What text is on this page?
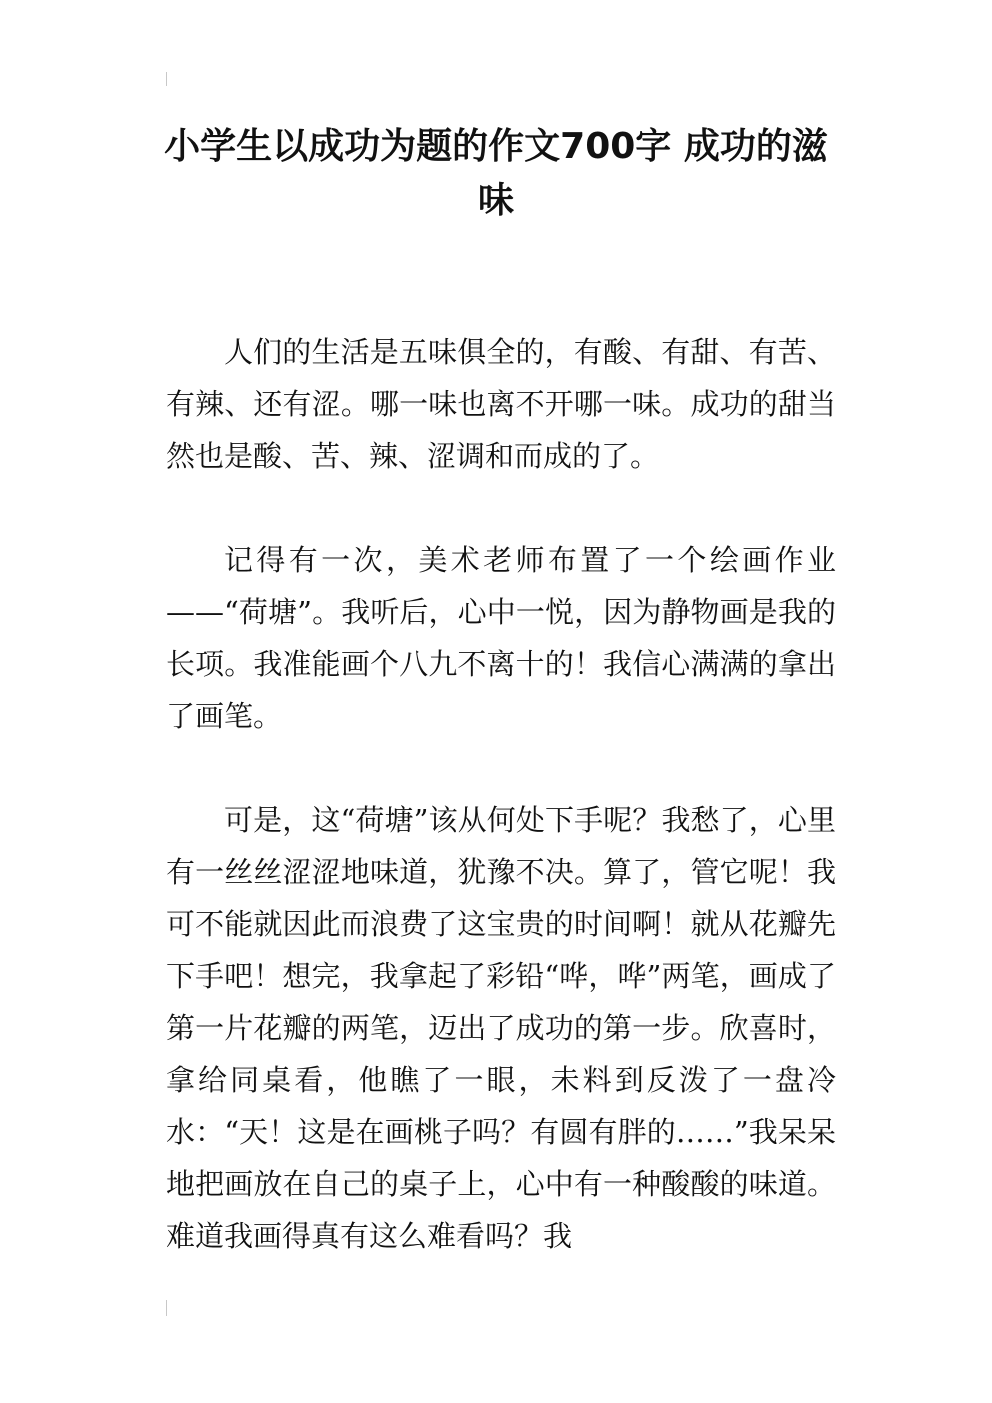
小学生以成功为题的作文700字 成功的滋味

人们的生活是五味俱全的，有酸、有甜、有苦、有辣、还有涩。哪一味也离不开哪一味。成功的甜当然也是酸、苦、辣、涩调和而成的了。

记得有一次，美术老师布置了一个绘画作业——“荷塘”。我听后，心中一悦，因为静物画是我的长项。我准能画个八九不离十的！我信心满满的拿出了画笔。

可是，这“荷塘”该从何处下手呢？我愁了，心里有一丝丝涩涩地味道，犹豫不决。算了，管它呢！我可不能就因此而浪费了这宝贵的时间啊！就从花瓣先下手吧！想完，我拿起了彩铅“哗，哗”两笔，画成了第一片花瓣的两笔，迈出了成功的第一步。欣喜时，拿给同桌看，他瞧了一眼，未料到反泼了一盘冷水：“天！这是在画桃子吗？有圆有胖的……”我呆呆地把画放在自己的桌子上，心中有一种酸酸的味道。难道我画得真有这么难看吗？我
